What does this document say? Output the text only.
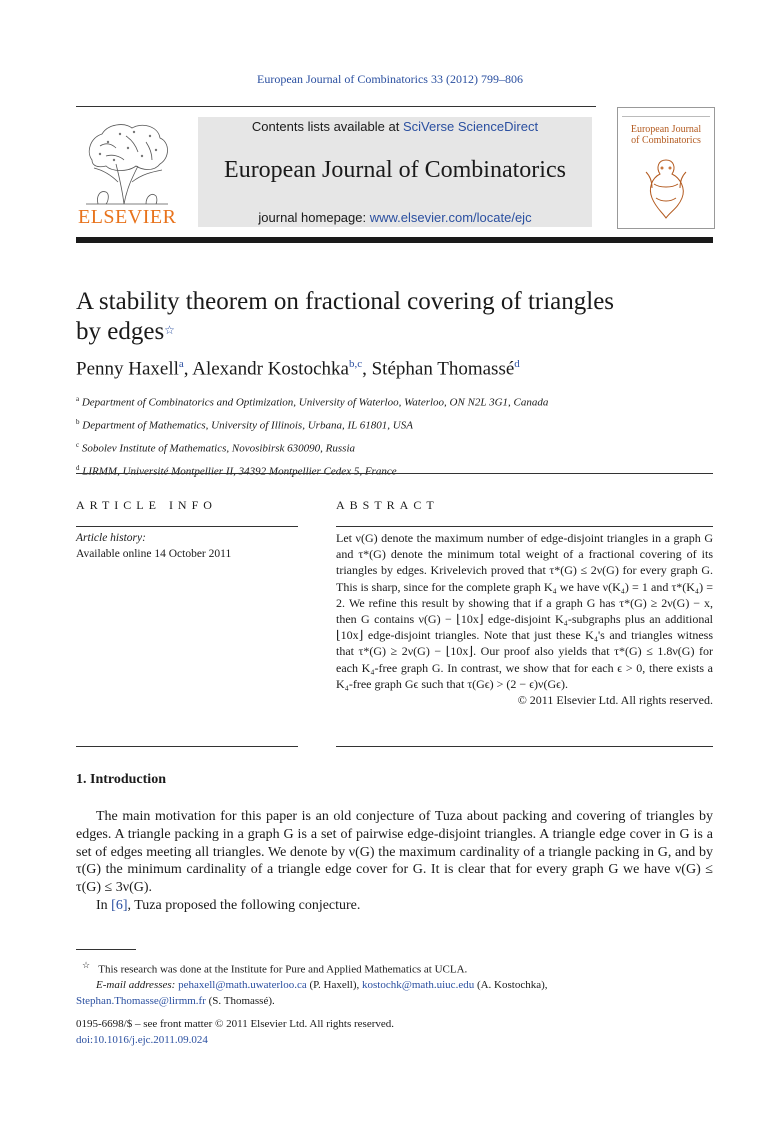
European Journal of Combinatorics 33 (2012) 799–806
ELSEVIER
Contents lists available at SciVerse ScienceDirect
European Journal of Combinatorics
journal homepage: www.elsevier.com/locate/ejc
European Journal
of Combinatorics
A stability theorem on fractional covering of triangles
by edges☆
Penny Haxell$^a$, Alexandr Kostochka$^{b,c}$, Stéphan Thomassé$^d$
$^a$ Department of Combinatorics and Optimization, University of Waterloo, Waterloo, ON N2L 3G1, Canada
$^b$ Department of Mathematics, University of Illinois, Urbana, IL 61801, USA
$^c$ Sobolev Institute of Mathematics, Novosibirsk 630090, Russia
$^d$
ARTICLE INFO
Article history:
Available online 14 October 2011
ABSTRACT
Let ν(G) denote the maximum number of edge-disjoint triangles in a graph G and τ*(G) denote the minimum total weight of a fractional covering of its triangles by edges. Krivelevich proved that τ*(G) ≤ 2ν(G) for every graph G. This is sharp, since for the complete graph K₄ we have ν(K₄) = 1 and τ*(K₄) = 2. We refine this result by showing that if a graph G has τ*(G) ≥ 2ν(G) − x, then G contains ν(G) − ⌊10x⌋ edge-disjoint K₄-subgraphs plus an additional ⌊10x⌋ edge-disjoint triangles. Note that just these K₄'s and triangles witness that τ*(G) ≥ 2ν(G) − ⌊10x⌋. Our proof also yields that τ*(G) ≤ 1.8ν(G) for each K₄-free graph G. In contrast, we show that for each ϵ > 0, there exists a K₄-free graph Gϵ such that τ(Gϵ) > (2 − ϵ)ν(Gϵ).
© 2011 Elsevier Ltd. All rights reserved.
1. Introduction

The main motivation for this paper is an old conjecture of Tuza about packing and covering of triangles by edges. A triangle packing in a graph G is a set of pairwise edge-disjoint triangles. A triangle edge cover in G is a set of edges meeting all triangles. We denote by ν(G) the maximum cardinality of a triangle packing in G, and by τ(G) the minimum cardinality of a triangle edge cover for G. It is clear that for every graph G we have ν(G) ≤ τ(G) ≤ 3ν(G).

In [6], Tuza proposed the following conjecture.

☆ This research was done at the Institute for Pure and Applied Mathematics at UCLA.
E-mail addresses: pehaxell@math.uwaterloo.ca (P. Haxell), kostochk@math.uiuc.edu (A. Kostochka),
Stephan.Thomasse@lirmm.fr (S. Thomassé).
0195-6698/$ – see front matter © 2011 Elsevier Ltd. All rights reserved.
doi:10.1016/j.ejc.2011.09.024
